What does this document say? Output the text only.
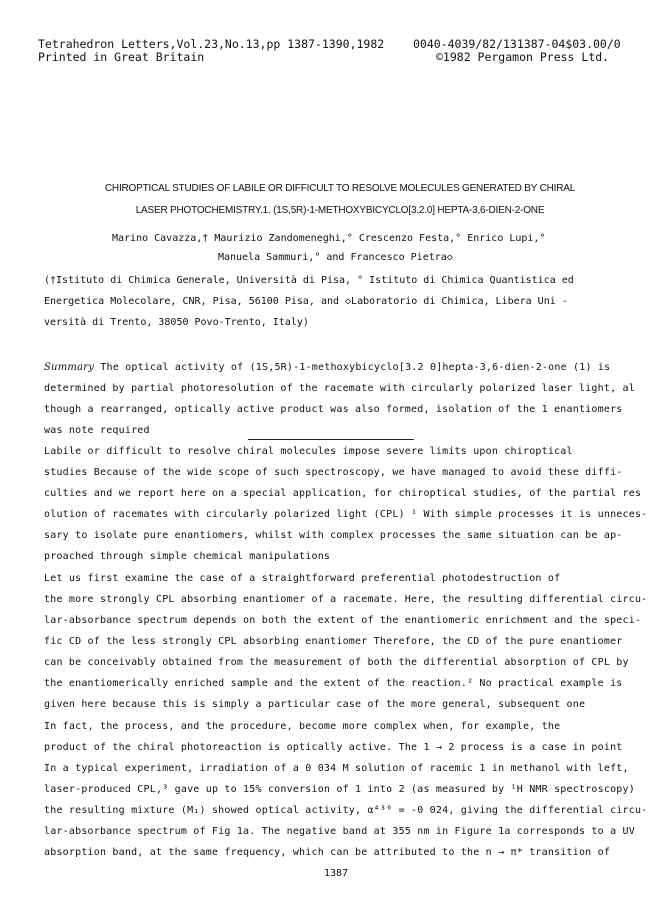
Tetrahedron Letters,Vol.23,No.13,pp 1387-1390,1982
Printed in Great Britain
0040-4039/82/131387-04$03.00/0
©1982 Pergamon Press Ltd.
CHIROPTICAL STUDIES OF LABILE OR DIFFICULT TO RESOLVE MOLECULES GENERATED BY CHIRAL
LASER PHOTOCHEMISTRY.1. (1S,5R)-1-METHOXYBICYCLO[3.2.0] HEPTA-3,6-DIEN-2-ONE
Marino Cavazza,† Maurizio Zandomeneghi,° Crescenzo Festa,° Enrico Lupi,°
Manuela Sammuri,° and Francesco Pietra◇
(†Istituto di Chimica Generale, Università di Pisa, ° Istituto di Chimica Quantistica ed
Energetica Molecolare, CNR, Pisa, 56100 Pisa, and ◇Laboratorio di Chimica, Libera Uni -
versità di Trento, 38050 Povo-Trento, Italy)
Summary The optical activity of (1S,5R)-1-methoxybicyclo[3.2 0]hepta-3,6-dien-2-one (1) is
determined by partial photoresolution of the racemate with circularly polarized laser light, al
though a rearranged, optically active product was also formed, isolation of the 1 enantiomers
was note required
Labile or difficult to resolve chiral molecules impose severe limits upon chiroptical
studies Because of the wide scope of such spectroscopy, we have managed to avoid these diffi-
culties and we report here on a special application, for chiroptical studies, of the partial res
olution of racemates with circularly polarized light (CPL) ¹ With simple processes it is unneces-
sary to isolate pure enantiomers, whilst with complex processes the same situation can be ap-
proached through simple chemical manipulations
Let us first examine the case of a straightforward preferential photodestruction of
the more strongly CPL absorbing enantiomer of a racemate. Here, the resulting differential circu-
lar-absorbance spectrum depends on both the extent of the enantiomeric enrichment and the speci-
fic CD of the less strongly CPL absorbing enantiomer Therefore, the CD of the pure enantiomer
can be conceivably obtained from the measurement of both the differential absorption of CPL by
the enantiomerically enriched sample and the extent of the reaction.² No practical example is
given here because this is simply a particular case of the more general, subsequent one
In fact, the process, and the procedure, become more complex when, for example, the
product of the chiral photoreaction is optically active. The 1 → 2 process is a case in point
In a typical experiment, irradiation of a 0 034 M solution of racemic 1 in methanol with left,
laser-produced CPL,³ gave up to 15% conversion of 1 into 2 (as measured by ¹H NMR spectroscopy)
the resulting mixture (M₁) showed optical activity, α⁴³⁶ = -0 024, giving the differential circu-
lar-absorbance spectrum of Fig 1a. The negative band at 355 nm in Figure 1a corresponds to a UV
absorption band, at the same frequency, which can be attributed to the n → π* transition of
1387
